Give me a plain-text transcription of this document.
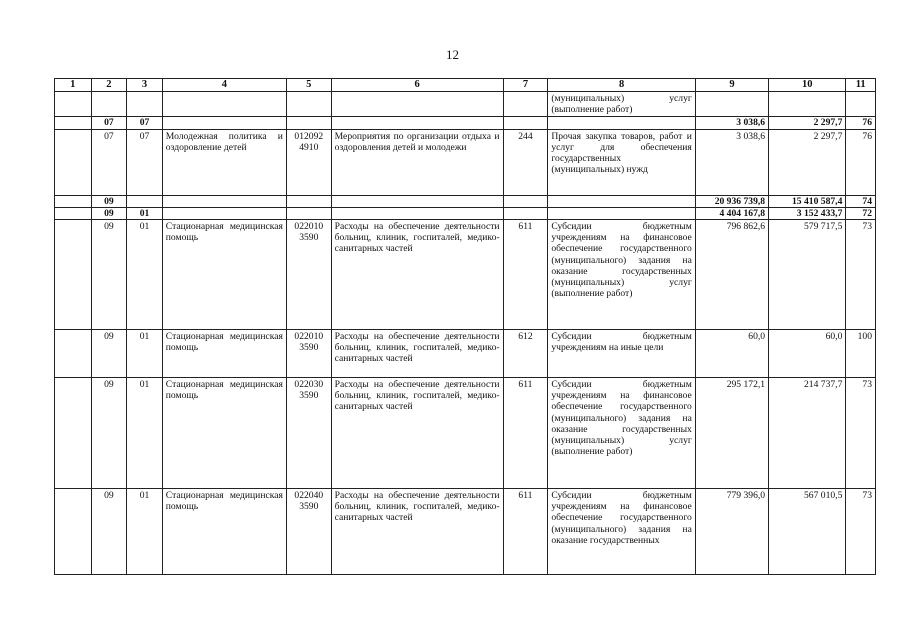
12
1	2	3	4	5	6	7	8	9	10	11
							(муниципальных) услуг (выполнение работ)			
	07	07						3 038,6	2 297,7	76
	07	07	Молодежная политика и оздоровление детей	012092 4910	Мероприятия по организации отдыха и оздоровления детей и молодежи	244	Прочая закупка товаров, работ и услуг для обеспечения государственных (муниципальных) нужд	3 038,6	2 297,7	76
	09							20 936 739,8	15 410 587,4	74
	09	01						4 404 167,8	3 152 433,7	72
	09	01	Стационарная медицинская помощь	022010 3590	Расходы на обеспечение деятельности больниц, клиник, госпиталей, медико-санитарных частей	611	Субсидии бюджетным учреждениям на финансовое обеспечение государственного (муниципального) задания на оказание государственных (муниципальных) услуг (выполнение работ)	796 862,6	579 717,5	73
	09	01	Стационарная медицинская помощь	022010 3590	Расходы на обеспечение деятельности больниц, клиник, госпиталей, медико-санитарных частей	612	Субсидии бюджетным учреждениям на иные цели	60,0	60,0	100
	09	01	Стационарная медицинская помощь	022030 3590	Расходы на обеспечение деятельности больниц, клиник, госпиталей, медико-санитарных частей	611	Субсидии бюджетным учреждениям на финансовое обеспечение государственного (муниципального) задания на оказание государственных (муниципальных) услуг (выполнение работ)	295 172,1	214 737,7	73
	09	01	Стационарная медицинская помощь	022040 3590	Расходы на обеспечение деятельности больниц, клиник, госпиталей, медико-санитарных частей	611	Субсидии бюджетным учреждениям на финансовое обеспечение государственного (муниципального) задания на оказание государственных	779 396,0	567 010,5	73
